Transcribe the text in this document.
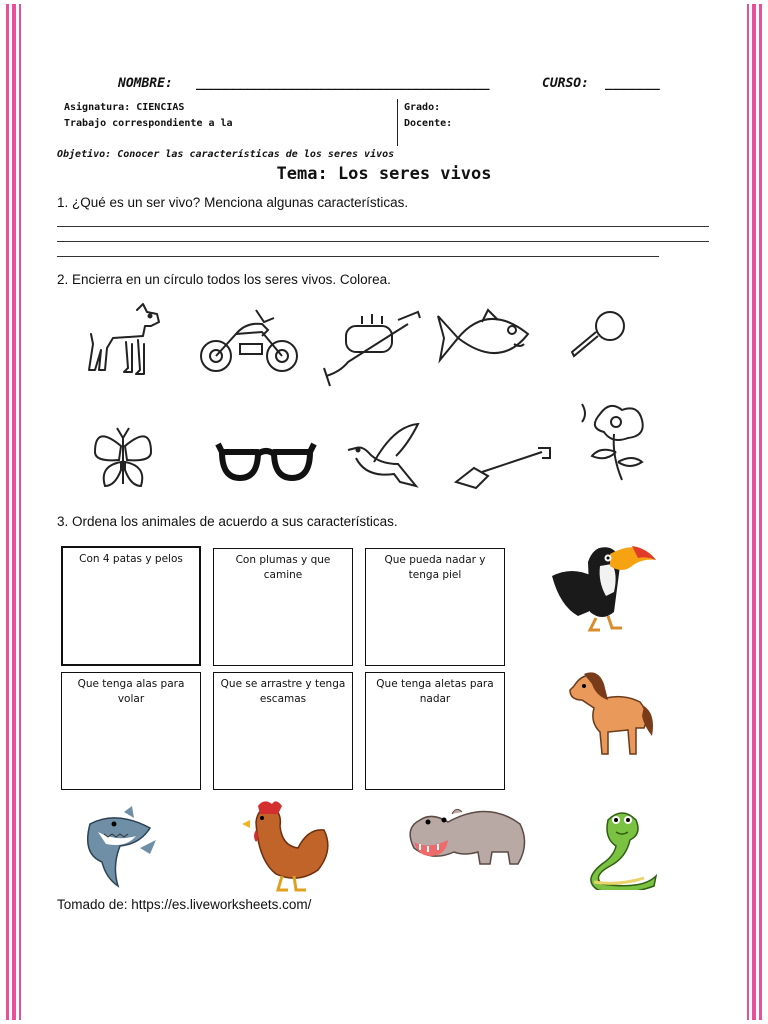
NOMBRE: ________________________________________	CURSO: _______
Asignatura: CIENCIAS
Trabajo correspondiente a la
Grado:
Docente:
Objetivo: Conocer las características de los seres vivos
Tema: Los seres vivos
1. ¿Qué es un ser vivo? Menciona algunas características.
2. Encierra en un círculo todos los seres vivos. Colorea.
3. Ordena los animales de acuerdo a sus características.
Con 4 patas y pelos	Con plumas y que camine
Que pueda nadar y tenga piel
Que tenga alas para volar
Que se arrastre y tenga escamas
Que tenga aletas para nadar
Tomado de: https://es.liveworksheets.com/
